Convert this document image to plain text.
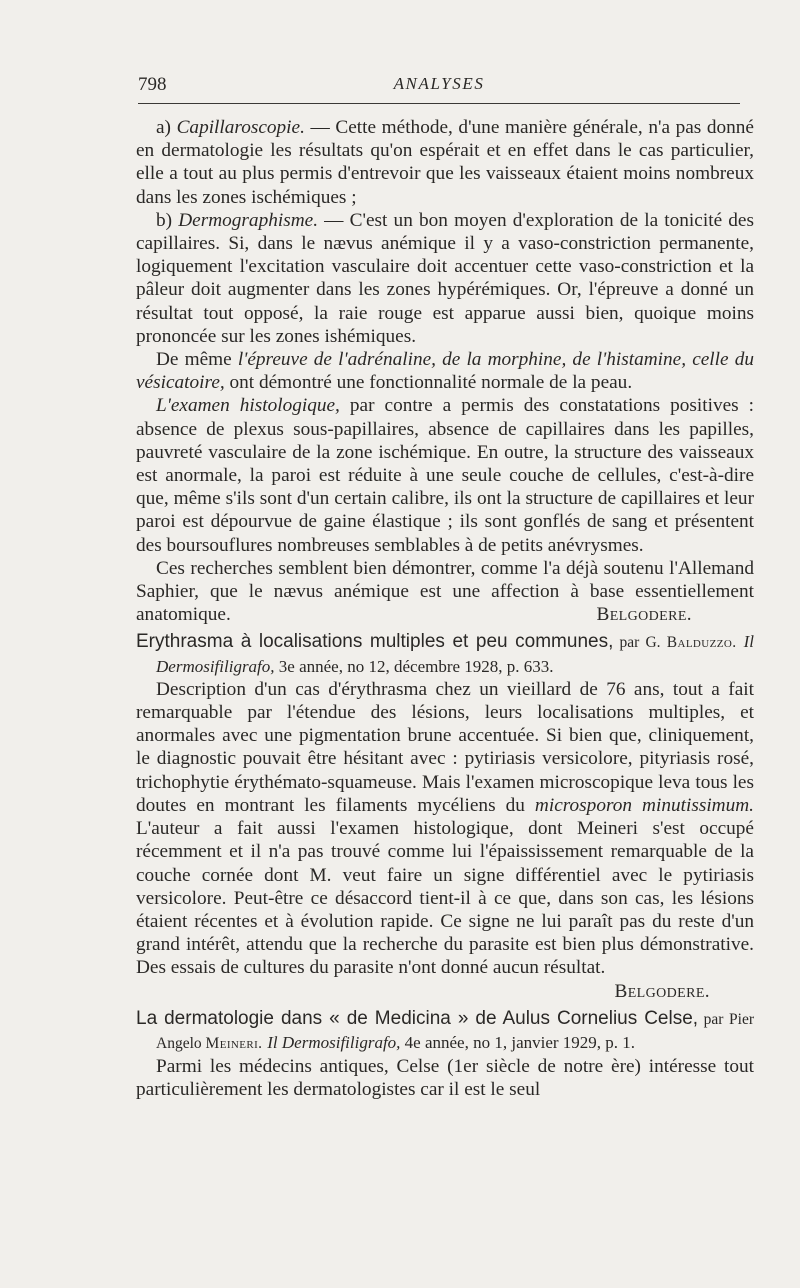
798	ANALYSES

a) Capillaroscopie. — Cette méthode, d'une manière générale, n'a pas donné en dermatologie les résultats qu'on espérait et en effet dans le cas particulier, elle a tout au plus permis d'entrevoir que les vaisseaux étaient moins nombreux dans les zones ischémiques ;

b) Dermographisme. — C'est un bon moyen d'exploration de la tonicité des capillaires. Si, dans le nævus anémique il y a vaso-constriction permanente, logiquement l'excitation vasculaire doit accentuer cette vaso-constriction et la pâleur doit augmenter dans les zones hypérémiques. Or, l'épreuve a donné un résultat tout opposé, la raie rouge est apparue aussi bien, quoique moins prononcée sur les zones ishémiques.

De même l'épreuve de l'adrénaline, de la morphine, de l'histamine, celle du vésicatoire, ont démontré une fonctionnalité normale de la peau.

L'examen histologique, par contre a permis des constatations positives : absence de plexus sous-papillaires, absence de capillaires dans les papilles, pauvreté vasculaire de la zone ischémique. En outre, la structure des vaisseaux est anormale, la paroi est réduite à une seule couche de cellules, c'est-à-dire que, même s'ils sont d'un certain calibre, ils ont la structure de capillaires et leur paroi est dépourvue de gaine élastique ; ils sont gonflés de sang et présentent des boursouflures nombreuses semblables à de petits anévrysmes.

Ces recherches semblent bien démontrer, comme l'a déjà soutenu l'Allemand Saphier, que le nævus anémique est une affection à base essentiellement anatomique.	Belgodere.

Erythrasma à localisations multiples et peu communes, par G. Balduzzo. Il Dermosifiligrafo, 3e année, no 12, décembre 1928, p. 633.

Description d'un cas d'érythrasma chez un vieillard de 76 ans, tout a fait remarquable par l'étendue des lésions, leurs localisations multiples, et anormales avec une pigmentation brune accentuée. Si bien que, cliniquement, le diagnostic pouvait être hésitant avec : pytiriasis versicolore, pityriasis rosé, trichophytie érythémato-squameuse. Mais l'examen microscopique leva tous les doutes en montrant les filaments mycéliens du microsporon minutissimum. L'auteur a fait aussi l'examen histologique, dont Meineri s'est occupé récemment et il n'a pas trouvé comme lui l'épaississement remarquable de la couche cornée dont M. veut faire un signe différentiel avec le pytiriasis versicolore. Peut-être ce désaccord tient-il à ce que, dans son cas, les lésions étaient récentes et à évolution rapide. Ce signe ne lui paraît pas du reste d'un grand intérêt, attendu que la recherche du parasite est bien plus démonstrative. Des essais de cultures du parasite n'ont donné aucun résultat.
Belgodere.

La dermatologie dans « de Medicina » de Aulus Cornelius Celse, par Pier Angelo Meineri. Il Dermosifiligrafo, 4e année, no 1, janvier 1929, p. 1.

Parmi les médecins antiques, Celse (1er siècle de notre ère) intéresse tout particulièrement les dermatologistes car il est le seul
